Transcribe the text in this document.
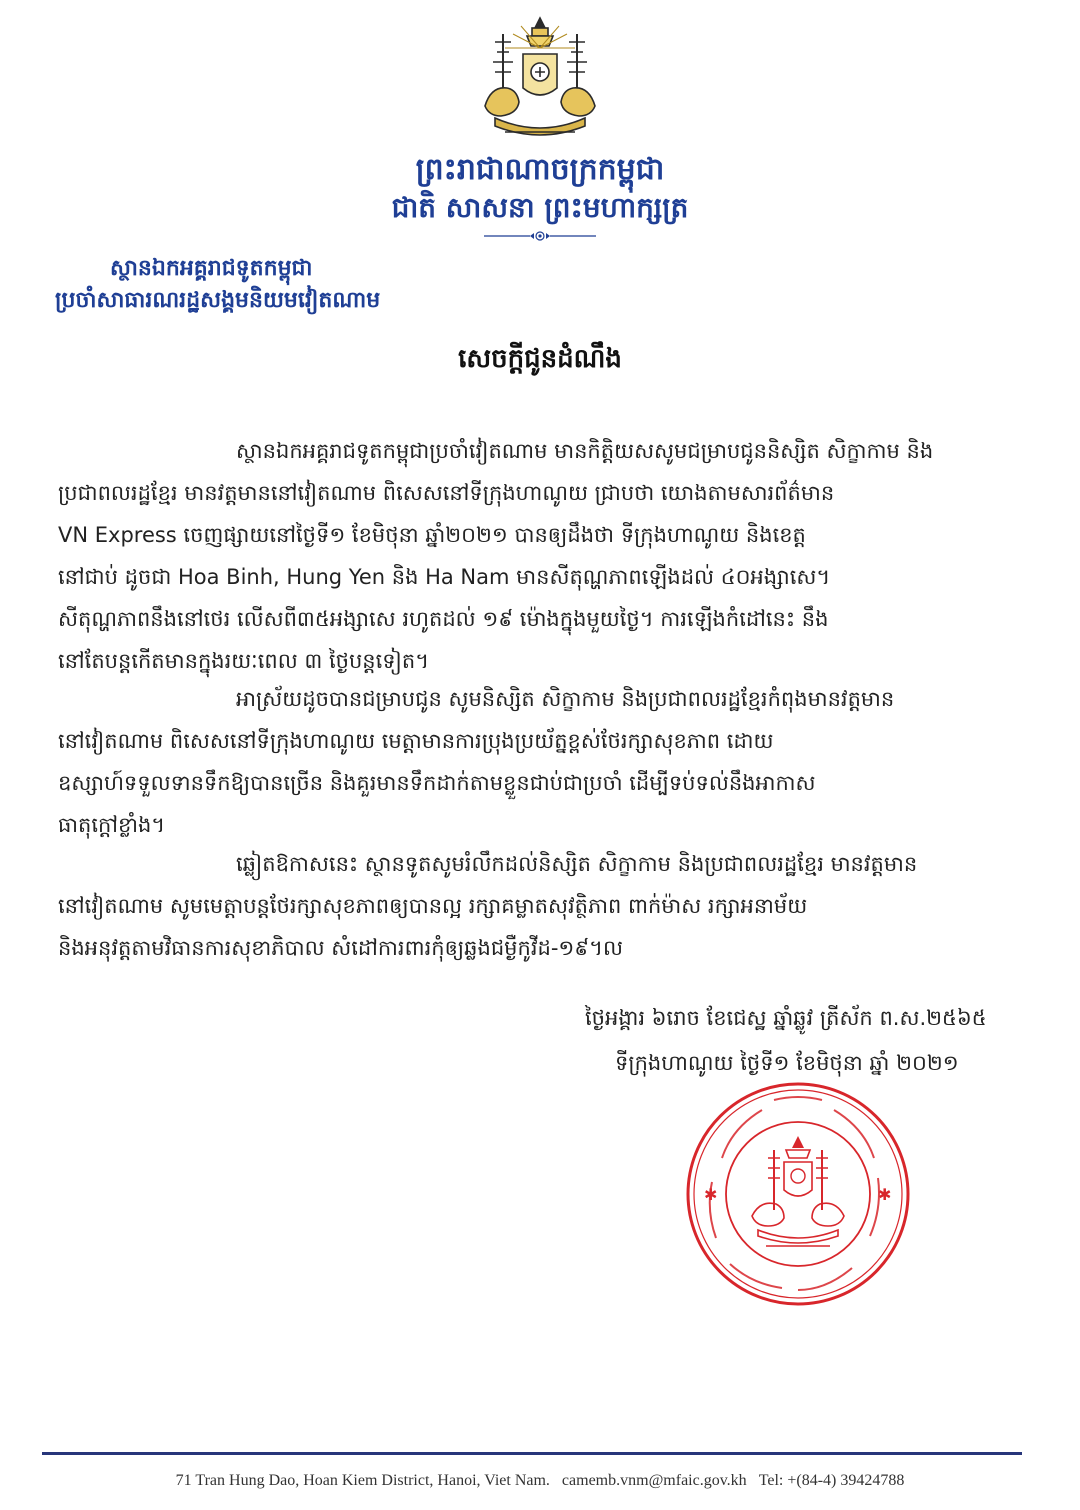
ព្រះរាជាណាចក្រកម្ពុជា
ជាតិ សាសនា ព្រះមហាក្សត្រ
ស្ថានឯកអគ្គរាជទូតកម្ពុជា
ប្រចាំសាធារណរដ្ឋសង្គមនិយមវៀតណាម
សេចក្ដីជូនដំណឹង
ស្ថានឯកអគ្គរាជទូតកម្ពុជាប្រចាំវៀតណាម មានកិត្តិយសសូមជម្រាបជូននិស្សិត សិក្ខាកាម និង
ប្រជាពលរដ្ឋខ្មែរ មានវត្តមាននៅវៀតណាម ពិសេសនៅទីក្រុងហាណូយ ជ្រាបថា យោងតាមសារព័ត៌មាន
VN Express ចេញផ្សាយនៅថ្ងៃទី១ ខែមិថុនា ឆ្នាំ២០២១ បានឲ្យដឹងថា ទីក្រុងហាណូយ និងខេត្ត
នៅជាប់ ដូចជា Hoa Binh, Hung Yen និង Ha Nam មានសីតុណ្ហភាពឡើងដល់ ៤០អង្សាសេ។
សីតុណ្ហភាពនឹងនៅថេរ លើសពី៣៥អង្សាសេ រហូតដល់ ១៩ ម៉ោងក្នុងមួយថ្ងៃ។ ការឡើងកំដៅនេះ នឹង
នៅតែបន្តកើតមានក្នុងរយៈពេល ៣ ថ្ងៃបន្តទៀត។
អាស្រ័យដូចបានជម្រាបជូន សូមនិស្សិត សិក្ខាកាម និងប្រជាពលរដ្ឋខ្មែរកំពុងមានវត្តមាន
នៅវៀតណាម ពិសេសនៅទីក្រុងហាណូយ មេត្តាមានការប្រុងប្រយ័ត្នខ្ពស់ថែរក្សាសុខភាព ដោយ
ឧស្សាហ៍ទទួលទានទឹកឱ្យបានច្រើន និងគួរមានទឹកដាក់តាមខ្លួនជាប់ជាប្រចាំ ដើម្បីទប់ទល់នឹងអាកាស
ធាតុក្ដៅខ្លាំង។
ឆ្លៀតឱកាសនេះ ស្ថានទូតសូមរំលឹកដល់និស្សិត សិក្ខាកាម និងប្រជាពលរដ្ឋខ្មែរ មានវត្តមាន
នៅវៀតណាម សូមមេត្តាបន្តថែរក្សាសុខភាពឲ្យបានល្អ រក្សាគម្លាតសុវត្ថិភាព ពាក់ម៉ាស រក្សាអនាម័យ
និងអនុវត្តតាមវិធានការសុខាភិបាល សំដៅការពារកុំឲ្យឆ្លងជម្ងឺកូវីដ-១៩។ល
ថ្ងៃអង្គារ ៦រោច ខែជេស្ឋ ឆ្នាំឆ្លូវ ត្រីស័ក ព.ស.២៥៦៥
ទីក្រុងហាណូយ ថ្ងៃទី១ ខែមិថុនា ឆ្នាំ ២០២១
✱	✱
71 Tran Hung Dao, Hoan Kiem District, Hanoi, Viet Nam. camemb.vnm@mfaic.gov.kh Tel: +(84-4) 39424788
